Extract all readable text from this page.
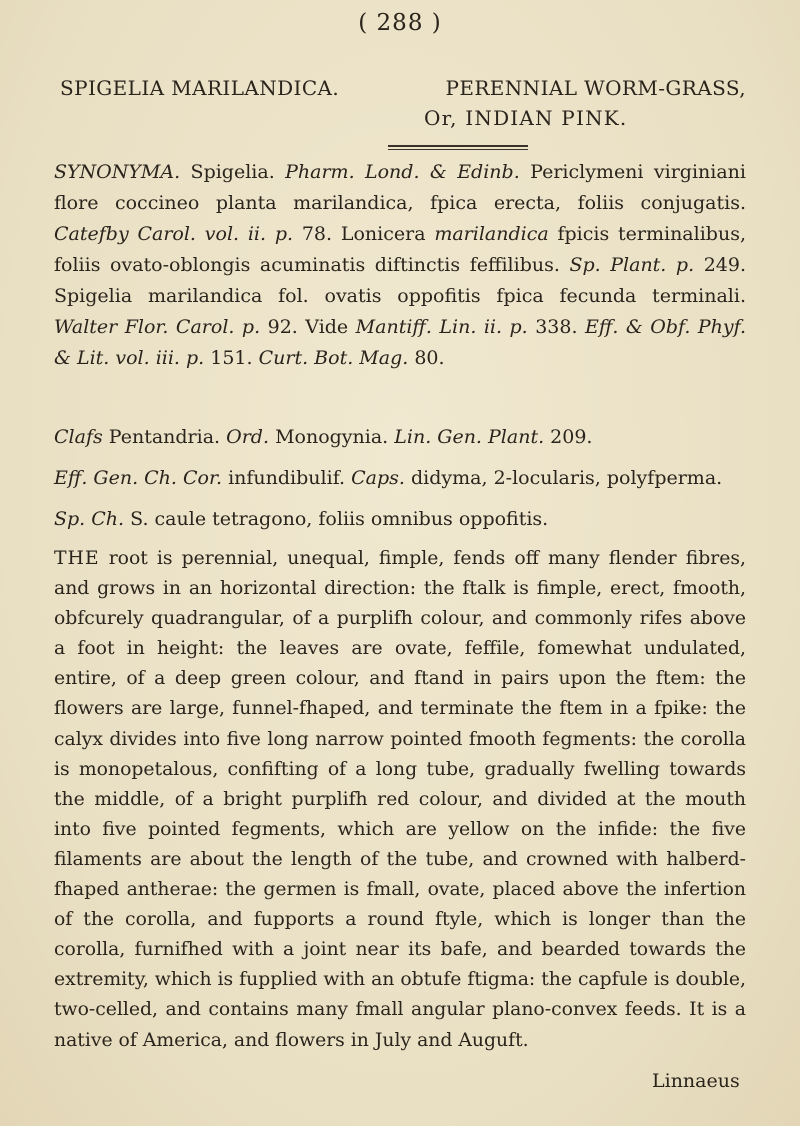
( 288 )
SPIGELIA MARILANDICA.	PERENNIAL WORM-GRASS,
Or, INDIAN PINK.

SYNONYMA. Spigelia. Pharm. Lond. & Edinb. Periclymeni virginiani flore coccineo planta marilandica, fpica erecta, foliis conjugatis. Catefby Carol. vol. ii. p. 78. Lonicera marilandica fpicis terminalibus, foliis ovato-oblongis acuminatis diftinctis feffilibus. Sp. Plant. p. 249. Spigelia marilandica fol. ovatis oppofitis fpica fecunda terminali. Walter Flor. Carol. p. 92. Vide Mantiff. Lin. ii. p. 338. Eff. & Obf. Phyf. & Lit. vol. iii. p. 151. Curt. Bot. Mag. 80.

Clafs Pentandria. Ord. Monogynia. Lin. Gen. Plant. 209.

Eff. Gen. Ch. Cor. infundibulif. Caps. didyma, 2-locularis, polyfperma.

Sp. Ch. S. caule tetragono, foliis omnibus oppofitis.

THE root is perennial, unequal, fimple, fends off many flender fibres, and grows in an horizontal direction: the ftalk is fimple, erect, fmooth, obfcurely quadrangular, of a purplifh colour, and commonly rifes above a foot in height: the leaves are ovate, feffile, fomewhat undulated, entire, of a deep green colour, and ftand in pairs upon the ftem: the flowers are large, funnel-fhaped, and terminate the ftem in a fpike: the calyx divides into five long narrow pointed fmooth fegments: the corolla is monopetalous, confifting of a long tube, gradually fwelling towards the middle, of a bright purplifh red colour, and divided at the mouth into five pointed fegments, which are yellow on the infide: the five filaments are about the length of the tube, and crowned with halberd-fhaped antherae: the germen is fmall, ovate, placed above the infertion of the corolla, and fupports a round ftyle, which is longer than the corolla, furnifhed with a joint near its bafe, and bearded towards the extremity, which is fupplied with an obtufe ftigma: the capfule is double, two-celled, and contains many fmall angular plano-convex feeds. It is a native of America, and flowers in July and Auguft.

Linnaeus
